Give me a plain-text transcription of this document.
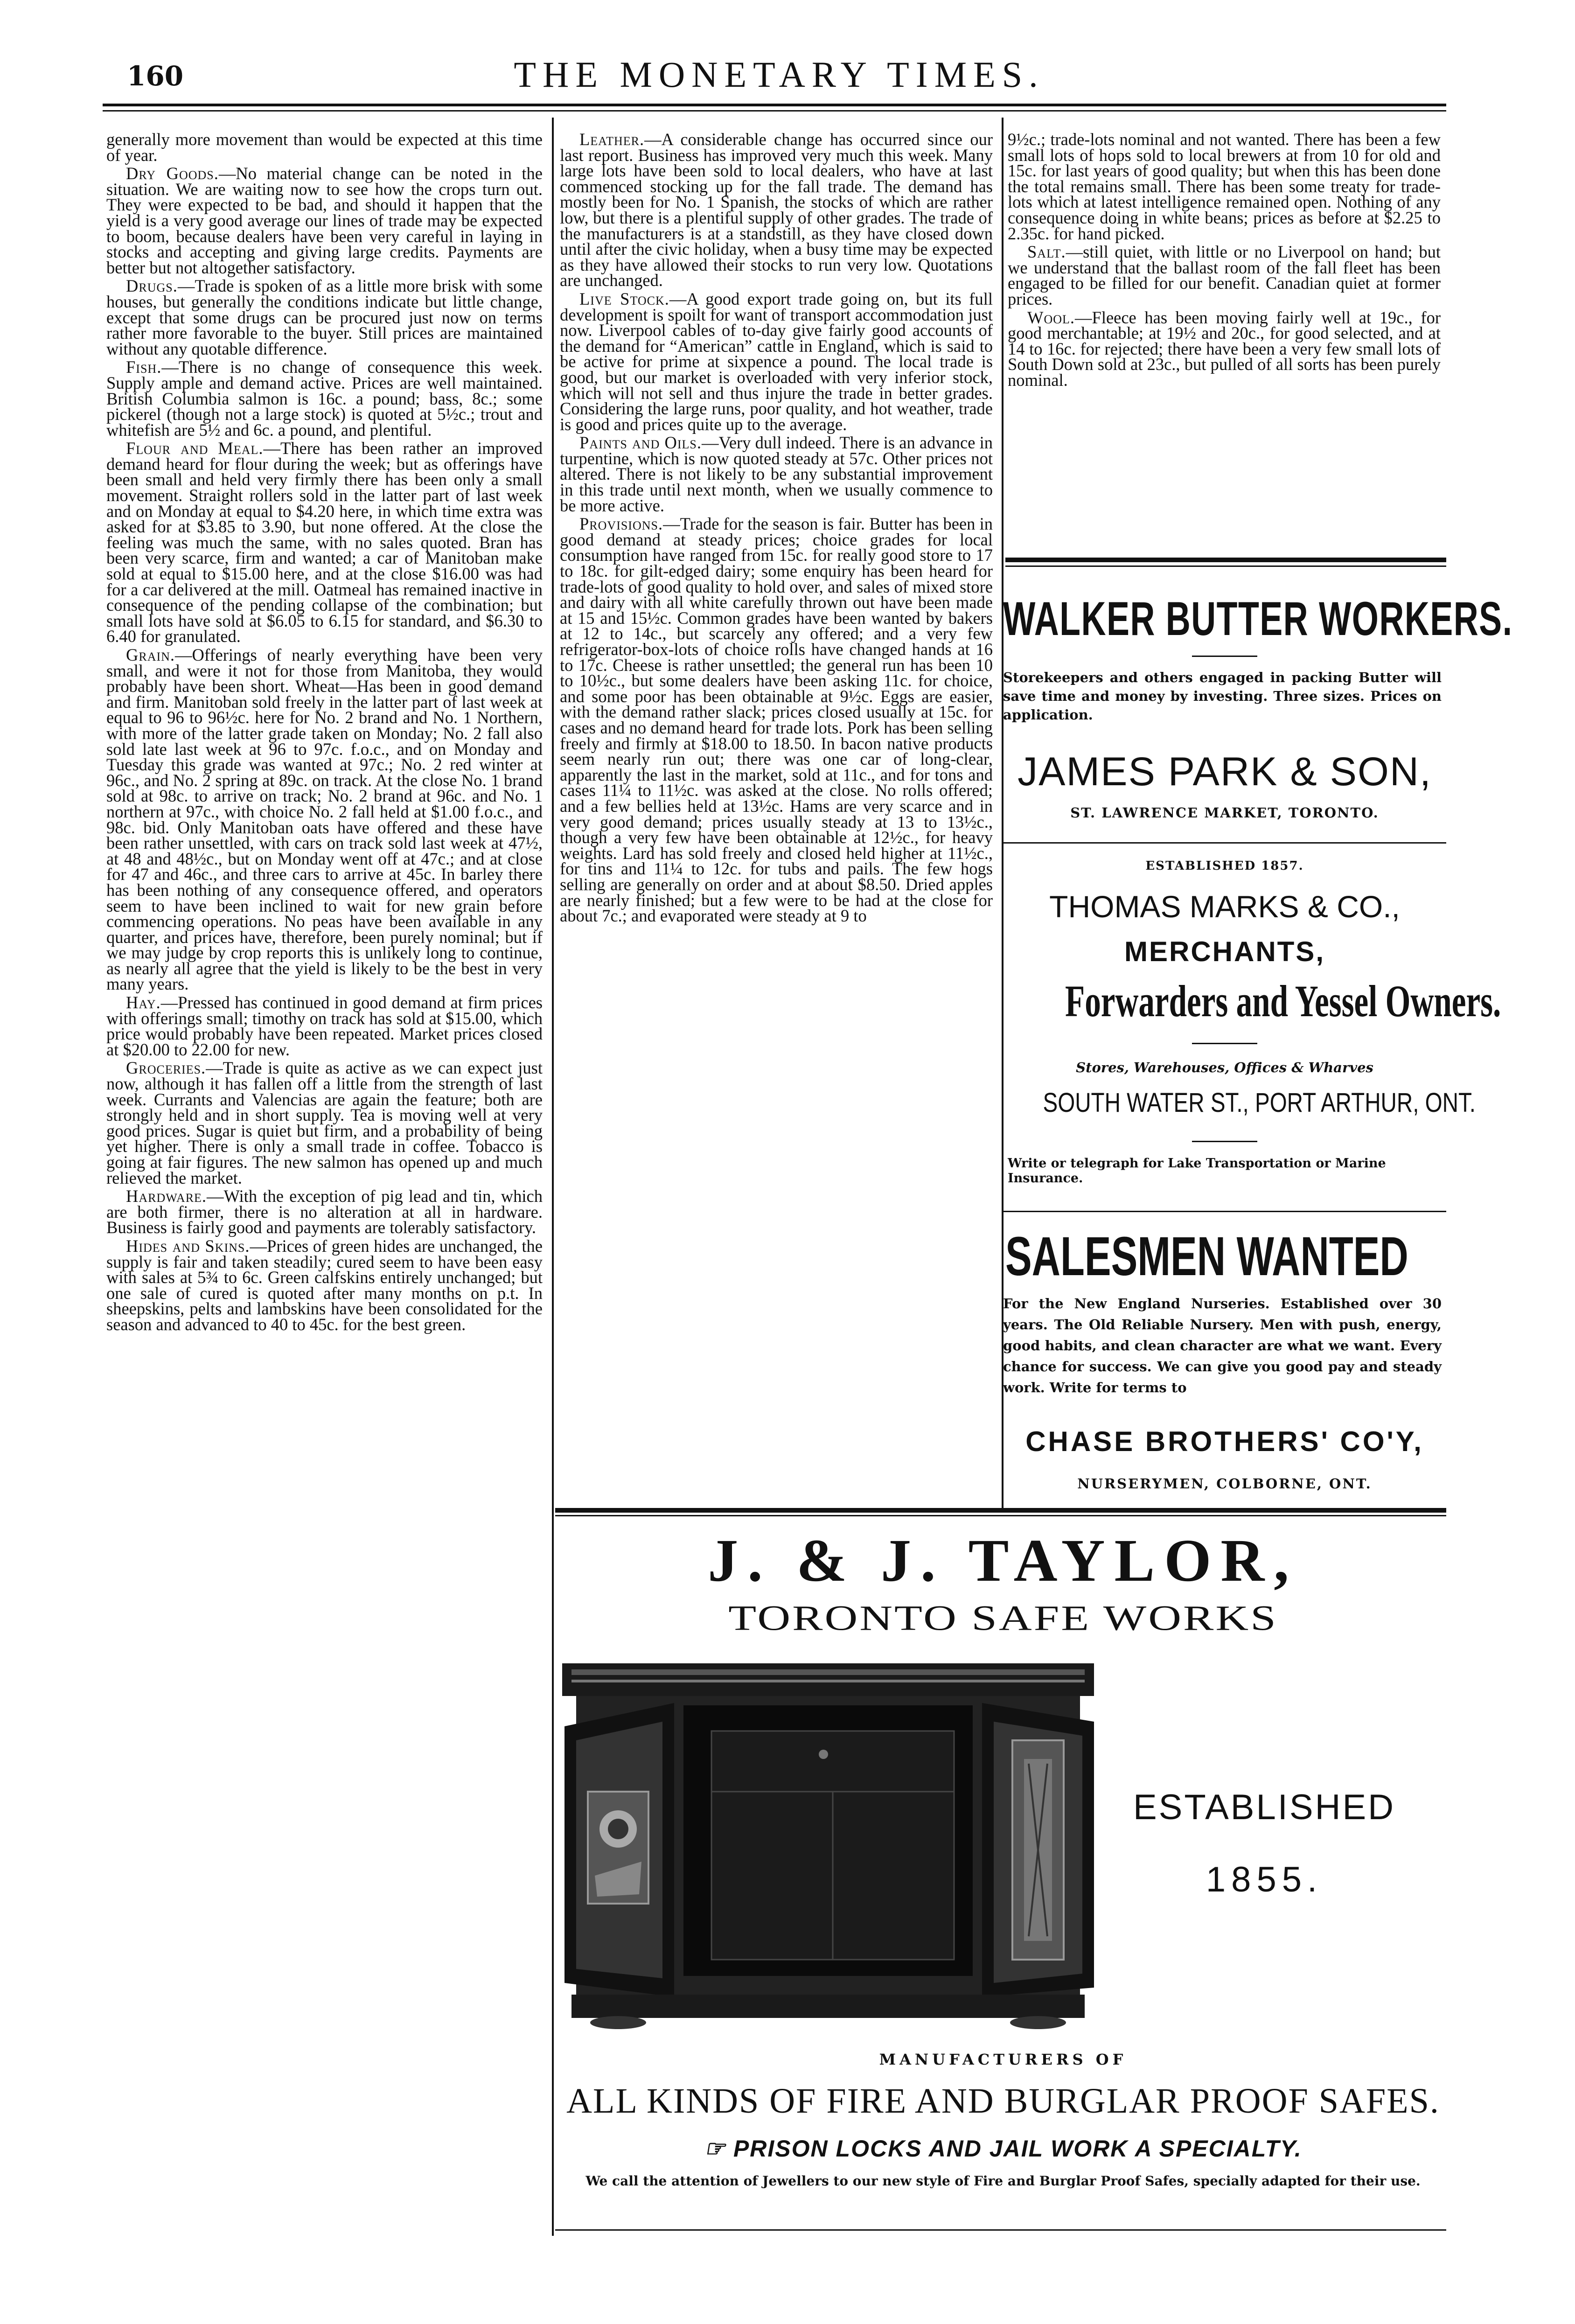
160	THE MONETARY TIMES.

generally more movement than would be expected at this time of year.

Dry Goods.—No material change can be noted in the situation. We are waiting now to see how the crops turn out. They were expected to be bad, and should it happen that the yield is a very good average our lines of trade may be expected to boom, because dealers have been very careful in laying in stocks and accepting and giving large credits. Payments are better but not altogether satisfactory.

Drugs.—Trade is spoken of as a little more brisk with some houses, but generally the conditions indicate but little change, except that some drugs can be procured just now on terms rather more favorable to the buyer. Still prices are maintained without any quotable difference.

Fish.—There is no change of consequence this week. Supply ample and demand active. Prices are well maintained. British Columbia salmon is 16c. a pound; bass, 8c.; some pickerel (though not a large stock) is quoted at 5½c.; trout and whitefish are 5½ and 6c. a pound, and plentiful.

Flour and Meal.—There has been rather an improved demand heard for flour during the week; but as offerings have been small and held very firmly there has been only a small movement. Straight rollers sold in the latter part of last week and on Monday at equal to $4.20 here, in which time extra was asked for at $3.85 to 3.90, but none offered. At the close the feeling was much the same, with no sales quoted. Bran has been very scarce, firm and wanted; a car of Manitoban make sold at equal to $15.00 here, and at the close $16.00 was had for a car delivered at the mill. Oatmeal has remained inactive in consequence of the pending collapse of the combination; but small lots have sold at $6.05 to 6.15 for standard, and $6.30 to 6.40 for granulated.

Grain.—Offerings of nearly everything have been very small, and were it not for those from Manitoba, they would probably have been short. Wheat—Has been in good demand and firm. Manitoban sold freely in the latter part of last week at equal to 96 to 96½c. here for No. 2 brand and No. 1 Northern, with more of the latter grade taken on Monday; No. 2 fall also sold late last week at 96 to 97c. f.o.c., and on Monday and Tuesday this grade was wanted at 97c.; No. 2 red winter at 96c., and No. 2 spring at 89c. on track. At the close No. 1 brand sold at 98c. to arrive on track; No. 2 brand at 96c. and No. 1 northern at 97c., with choice No. 2 fall held at $1.00 f.o.c., and 98c. bid. Only Manitoban oats have offered and these have been rather unsettled, with cars on track sold last week at 47½, at 48 and 48½c., but on Monday went off at 47c.; and at close for 47 and 46c., and three cars to arrive at 45c. In barley there has been nothing of any consequence offered, and operators seem to have been inclined to wait for new grain before commencing operations. No peas have been available in any quarter, and prices have, therefore, been purely nominal; but if we may judge by crop reports this is unlikely long to continue, as nearly all agree that the yield is likely to be the best in very many years.

Hay.—Pressed has continued in good demand at firm prices with offerings small; timothy on track has sold at $15.00, which price would probably have been repeated. Market prices closed at $20.00 to 22.00 for new.

Groceries.—Trade is quite as active as we can expect just now, although it has fallen off a little from the strength of last week. Currants and Valencias are again the feature; both are strongly held and in short supply. Tea is moving well at very good prices. Sugar is quiet but firm, and a probability of being yet higher. There is only a small trade in coffee. Tobacco is going at fair figures. The new salmon has opened up and much relieved the market.

Hardware.—With the exception of pig lead and tin, which are both firmer, there is no alteration at all in hardware. Business is fairly good and payments are tolerably satisfactory.

Hides and Skins.—Prices of green hides are unchanged, the supply is fair and taken steadily; cured seem to have been easy with sales at 5¾ to 6c. Green calfskins entirely unchanged; but one sale of cured is quoted after many months on p.t. In sheepskins, pelts and lambskins have been consolidated for the season and advanced to 40 to 45c. for the best green.

Leather.—A considerable change has occurred since our last report. Business has improved very much this week. Many large lots have been sold to local dealers, who have at last commenced stocking up for the fall trade. The demand has mostly been for No. 1 Spanish, the stocks of which are rather low, but there is a plentiful supply of other grades. The trade of the manufacturers is at a standstill, as they have closed down until after the civic holiday, when a busy time may be expected as they have allowed their stocks to run very low. Quotations are unchanged.

Live Stock.—A good export trade going on, but its full development is spoilt for want of transport accommodation just now. Liverpool cables of to-day give fairly good accounts of the demand for “American” cattle in England, which is said to be active for prime at sixpence a pound. The local trade is good, but our market is overloaded with very inferior stock, which will not sell and thus injure the trade in better grades. Considering the large runs, poor quality, and hot weather, trade is good and prices quite up to the average.

Paints and Oils.—Very dull indeed. There is an advance in turpentine, which is now quoted steady at 57c. Other prices not altered. There is not likely to be any substantial improvement in this trade until next month, when we usually commence to be more active.

Provisions.—Trade for the season is fair. Butter has been in good demand at steady prices; choice grades for local consumption have ranged from 15c. for really good store to 17 to 18c. for gilt-edged dairy; some enquiry has been heard for trade-lots of good quality to hold over, and sales of mixed store and dairy with all white carefully thrown out have been made at 15 and 15½c. Common grades have been wanted by bakers at 12 to 14c., but scarcely any offered; and a very few refrigerator-box-lots of choice rolls have changed hands at 16 to 17c. Cheese is rather unsettled; the general run has been 10 to 10½c., but some dealers have been asking 11c. for choice, and some poor has been obtainable at 9½c. Eggs are easier, with the demand rather slack; prices closed usually at 15c. for cases and no demand heard for trade lots. Pork has been selling freely and firmly at $18.00 to 18.50. In bacon native products seem nearly run out; there was one car of long-clear, apparently the last in the market, sold at 11c., and for tons and cases 11¼ to 11½c. was asked at the close. No rolls offered; and a few bellies held at 13½c. Hams are very scarce and in very good demand; prices usually steady at 13 to 13½c., though a very few have been obtainable at 12½c., for heavy weights. Lard has sold freely and closed held higher at 11½c., for tins and 11¼ to 12c. for tubs and pails. The few hogs selling are generally on order and at about $8.50. Dried apples are nearly finished; but a few were to be had at the close for about 7c.; and evaporated were steady at 9 to

9½c.; trade-lots nominal and not wanted. There has been a few small lots of hops sold to local brewers at from 10 for old and 15c. for last years of good quality; but when this has been done the total remains small. There has been some treaty for trade-lots which at latest intelligence remained open. Nothing of any consequence doing in white beans; prices as before at $2.25 to 2.35c. for hand picked.

Salt.—still quiet, with little or no Liverpool on hand; but we understand that the ballast room of the fall fleet has been engaged to be filled for our benefit. Canadian quiet at former prices.

Wool.—Fleece has been moving fairly well at 19c., for good merchantable; at 19½ and 20c., for good selected, and at 14 to 16c. for rejected; there have been a very few small lots of South Down sold at 23c., but pulled of all sorts has been purely nominal.

WALKER BUTTER WORKERS.
Storekeepers and others engaged in packing Butter will save time and money by investing. Three sizes. Prices on application.
JAMES PARK & SON,
ST. LAWRENCE MARKET, TORONTO.
ESTABLISHED 1857.
THOMAS MARKS & CO.,
MERCHANTS,
Forwarders and Yessel Owners.
Stores, Warehouses, Offices & Wharves
SOUTH WATER ST., PORT ARTHUR, ONT.
Write or telegraph for Lake Transportation or Marine Insurance.
SALESMEN WANTED
For the New England Nurseries. Established over 30 years. The Old Reliable Nursery. Men with push, energy, good habits, and clean character are what we want. Every chance for success. We can give you good pay and steady work. Write for terms to
CHASE BROTHERS' CO'Y,
NURSERYMEN, COLBORNE, ONT.
J. & J. TAYLOR,
TORONTO SAFE WORKS
ESTABLISHED
1855.
MANUFACTURERS OF
ALL KINDS OF FIRE AND BURGLAR PROOF SAFES.
☞ PRISON LOCKS AND JAIL WORK A SPECIALTY.
We call the attention of Jewellers to our new style of Fire and Burglar Proof Safes, specially adapted for their use.
